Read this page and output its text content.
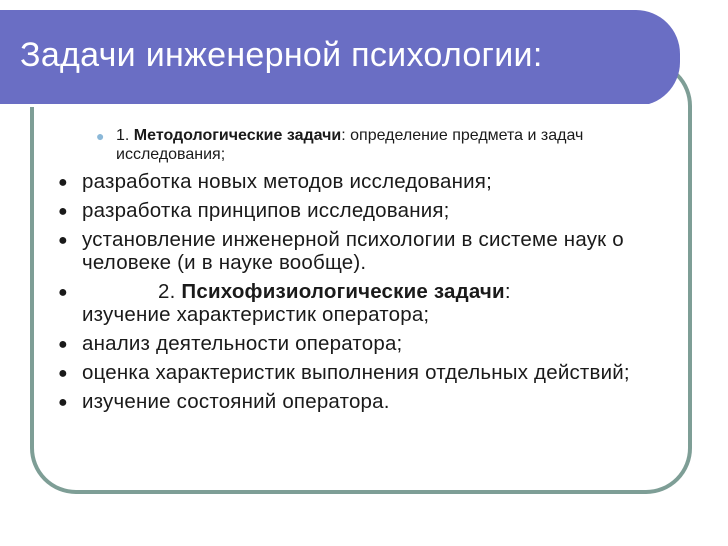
Задачи инженерной психологии:
● 1. Методологические задачи: определение предмета и задач исследования;
● разработка новых методов исследования;
● разработка принципов исследования;
● установление инженерной психологии в системе наук о человеке (и в науке вообще).
●	2. Психофизиологические задачи:
изучение характеристик оператора;
● анализ деятельности оператора;
● оценка характеристик выполнения отдельных действий;
● изучение состояний оператора.
